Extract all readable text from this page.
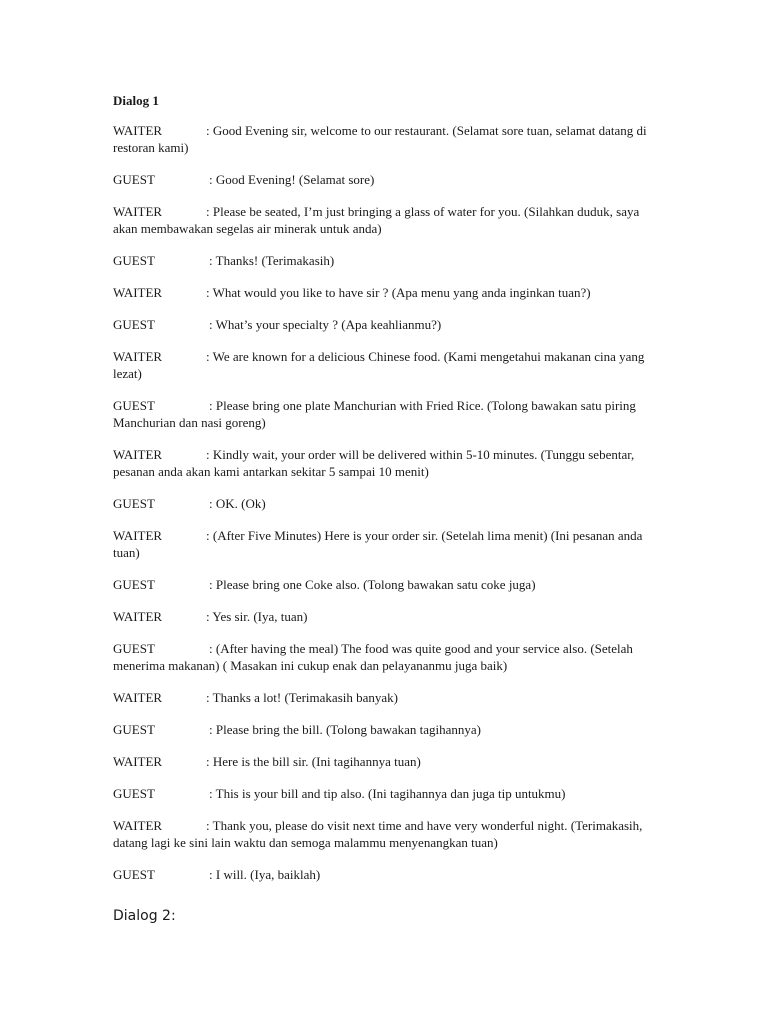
Dialog 1

WAITER	: Good Evening sir, welcome to our restaurant. (Selamat sore tuan, selamat datang di restoran kami)

GUEST	: Good Evening! (Selamat sore)

WAITER	: Please be seated, I’m just bringing a glass of water for you. (Silahkan duduk, saya akan membawakan segelas air minerak untuk anda)

GUEST	: Thanks! (Terimakasih)

WAITER	: What would you like to have sir ? (Apa menu yang anda inginkan tuan?)

GUEST	: What’s your specialty ? (Apa keahlianmu?)

WAITER	: We are known for a delicious Chinese food. (Kami mengetahui makanan cina yang lezat)

GUEST	: Please bring one plate Manchurian with Fried Rice. (Tolong bawakan satu piring Manchurian dan nasi goreng)

WAITER	: Kindly wait, your order will be delivered within 5-10 minutes. (Tunggu sebentar, pesanan anda akan kami antarkan sekitar 5 sampai 10 menit)

GUEST	: OK. (Ok)

WAITER	: (After Five Minutes) Here is your order sir. (Setelah lima menit) (Ini pesanan anda tuan)

GUEST	: Please bring one Coke also. (Tolong bawakan satu coke juga)

WAITER	: Yes sir. (Iya, tuan)

GUEST	: (After having the meal) The food was quite good and your service also. (Setelah menerima makanan) ( Masakan ini cukup enak dan pelayananmu juga baik)

WAITER	: Thanks a lot! (Terimakasih banyak)

GUEST	: Please bring the bill. (Tolong bawakan tagihannya)

WAITER	: Here is the bill sir. (Ini tagihannya tuan)

GUEST	: This is your bill and tip also. (Ini tagihannya dan juga tip untukmu)

WAITER	: Thank you, please do visit next time and have very wonderful night. (Terimakasih, datang lagi ke sini lain waktu dan semoga malammu menyenangkan tuan)

GUEST	: I will. (Iya, baiklah)

Dialog 2:
